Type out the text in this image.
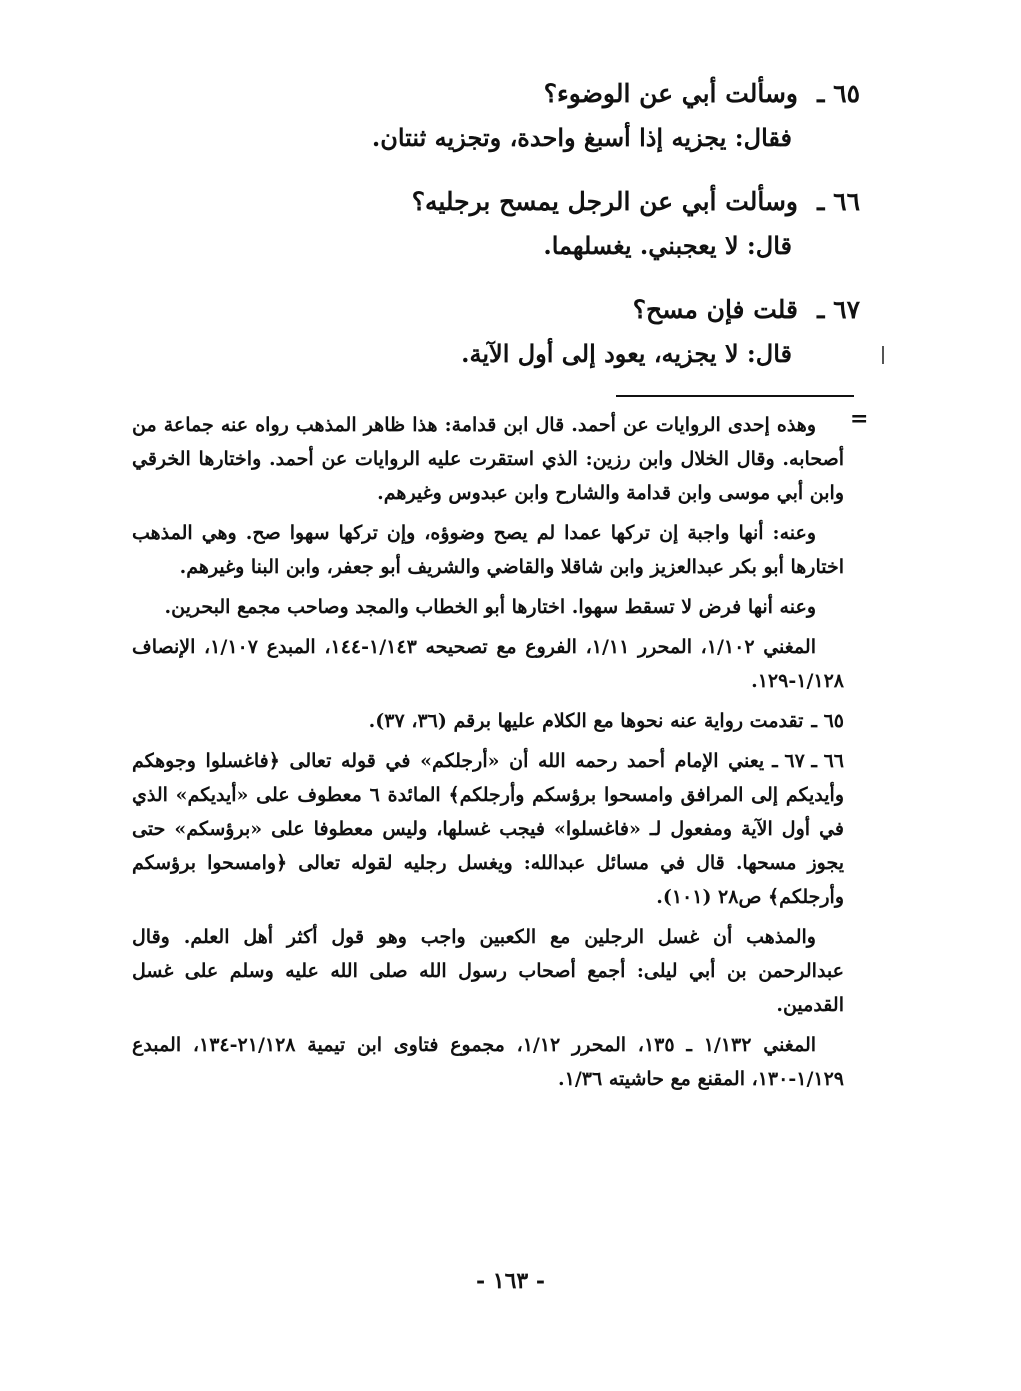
٦٥ ـوسألت أبي عن الوضوء؟
فقال: يجزيه إذا أسبغ واحدة، وتجزيه ثنتان.
٦٦ ـوسألت أبي عن الرجل يمسح برجليه؟
قال: لا يعجبني. يغسلهما.
٦٧ ـقلت فإن مسح؟
قال: لا يجزيه، يعود إلى أول الآية.
=

وهذه إحدى الروايات عن أحمد. قال ابن قدامة: هذا ظاهر المذهب رواه عنه جماعة من أصحابه. وقال الخلال وابن رزين: الذي استقرت عليه الروايات عن أحمد. واختارها الخرقي وابن أبي موسى وابن قدامة والشارح وابن عبدوس وغيرهم.

وعنه: أنها واجبة إن تركها عمدا لم يصح وضوؤه، وإن تركها سهوا صح. وهي المذهب اختارها أبو بكر عبدالعزيز وابن شاقلا والقاضي والشريف أبو جعفر، وابن البنا وغيرهم.

وعنه أنها فرض لا تسقط سهوا. اختارها أبو الخطاب والمجد وصاحب مجمع البحرين.

المغني ١/١٠٢، المحرر ١/١١، الفروع مع تصحيحه ١/١٤٣-١٤٤، المبدع ١/١٠٧، الإنصاف ١/١٢٨-١٢٩.

٦٥ ـتقدمت رواية عنه نحوها مع الكلام عليها برقم (٣٦، ٣٧).

٦٦ ـ ٦٧ ـيعني الإمام أحمد رحمه الله أن «أرجلكم» في قوله تعالى ﴿فاغسلوا وجوهكم وأيديكم إلى المرافق وامسحوا برؤسكم وأرجلكم﴾ المائدة ٦ معطوف على «أيديكم» الذي في أول الآية ومفعول لـ «فاغسلوا» فيجب غسلها، وليس معطوفا على «برؤسكم» حتى يجوز مسحها. قال في مسائل عبدالله: ويغسل رجليه لقوله تعالى ﴿وامسحوا برؤسكم وأرجلكم﴾ ص٢٨ (١٠١).

والمذهب أن غسل الرجلين مع الكعبين واجب وهو قول أكثر أهل العلم. وقال عبدالرحمن بن أبي ليلى: أجمع أصحاب رسول الله صلى الله عليه وسلم على غسل القدمين.

المغني ١/١٣٢ ـ ١٣٥، المحرر ١/١٢، مجموع فتاوى ابن تيمية ٢١/١٢٨-١٣٤، المبدع ١/١٢٩-١٣٠، المقنع مع حاشيته ١/٣٦.

- ١٦٣ -
